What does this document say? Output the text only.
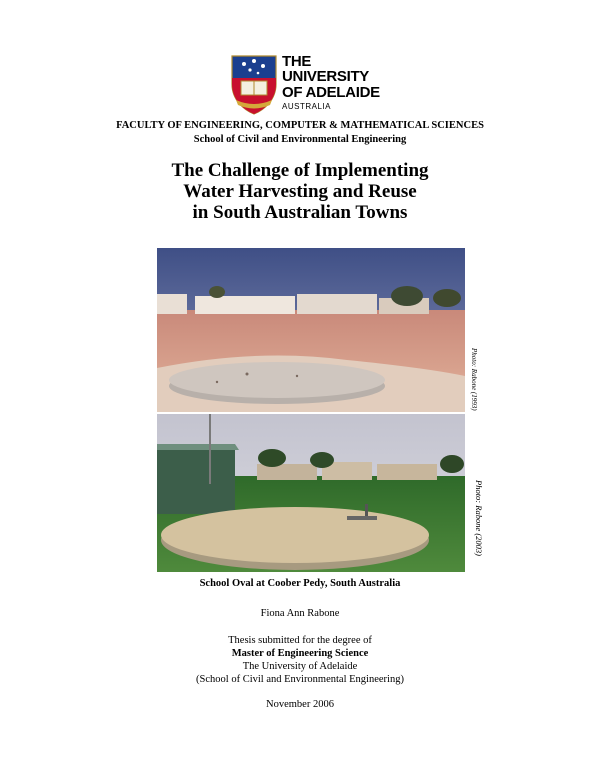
THE UNIVERSITY
OF ADELAIDE
AUSTRALIA
FACULTY OF ENGINEERING, COMPUTER & MATHEMATICAL SCIENCES
School of Civil and Environmental Engineering
The Challenge of Implementing
Water Harvesting and Reuse
in South Australian Towns
Photo: Rabone (1993)
Photo: Rabone (2003)
School Oval at Coober Pedy, South Australia
Fiona Ann Rabone
Thesis submitted for the degree of
Master of Engineering Science
The University of Adelaide
(School of Civil and Environmental Engineering)
November 2006
